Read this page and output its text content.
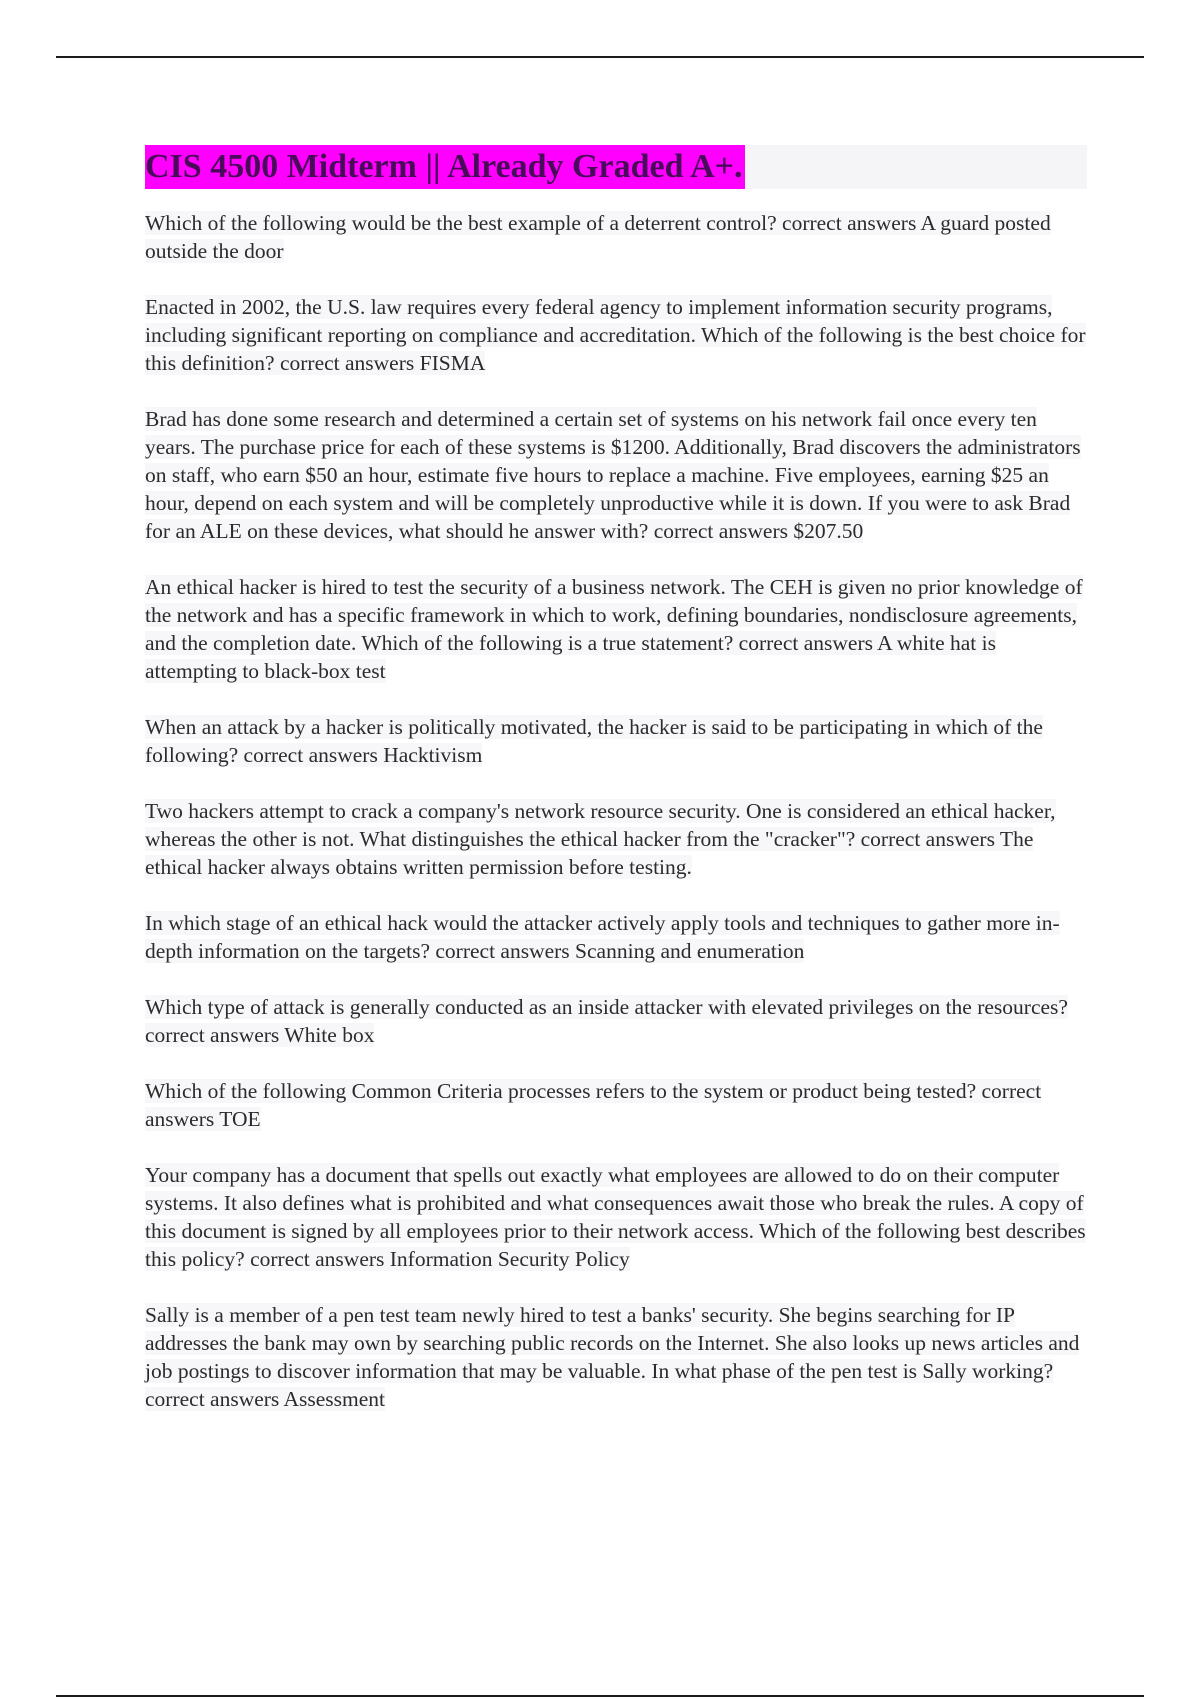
CIS 4500 Midterm || Already Graded A+.
Which of the following would be the best example of a deterrent control? correct answers A guard posted outside the door
Enacted in 2002, the U.S. law requires every federal agency to implement information security programs, including significant reporting on compliance and accreditation. Which of the following is the best choice for this definition? correct answers FISMA
Brad has done some research and determined a certain set of systems on his network fail once every ten years. The purchase price for each of these systems is $1200. Additionally, Brad discovers the administrators on staff, who earn $50 an hour, estimate five hours to replace a machine. Five employees, earning $25 an hour, depend on each system and will be completely unproductive while it is down. If you were to ask Brad for an ALE on these devices, what should he answer with? correct answers $207.50
An ethical hacker is hired to test the security of a business network. The CEH is given no prior knowledge of the network and has a specific framework in which to work, defining boundaries, nondisclosure agreements, and the completion date. Which of the following is a true statement? correct answers A white hat is attempting to black-box test
When an attack by a hacker is politically motivated, the hacker is said to be participating in which of the following? correct answers Hacktivism
Two hackers attempt to crack a company's network resource security. One is considered an ethical hacker, whereas the other is not. What distinguishes the ethical hacker from the "cracker"? correct answers The ethical hacker always obtains written permission before testing.
In which stage of an ethical hack would the attacker actively apply tools and techniques to gather more in-depth information on the targets? correct answers Scanning and enumeration
Which type of attack is generally conducted as an inside attacker with elevated privileges on the resources? correct answers White box
Which of the following Common Criteria processes refers to the system or product being tested? correct answers TOE
Your company has a document that spells out exactly what employees are allowed to do on their computer systems. It also defines what is prohibited and what consequences await those who break the rules. A copy of this document is signed by all employees prior to their network access. Which of the following best describes this policy? correct answers Information Security Policy
Sally is a member of a pen test team newly hired to test a banks' security. She begins searching for IP addresses the bank may own by searching public records on the Internet. She also looks up news articles and job postings to discover information that may be valuable. In what phase of the pen test is Sally working? correct answers Assessment
